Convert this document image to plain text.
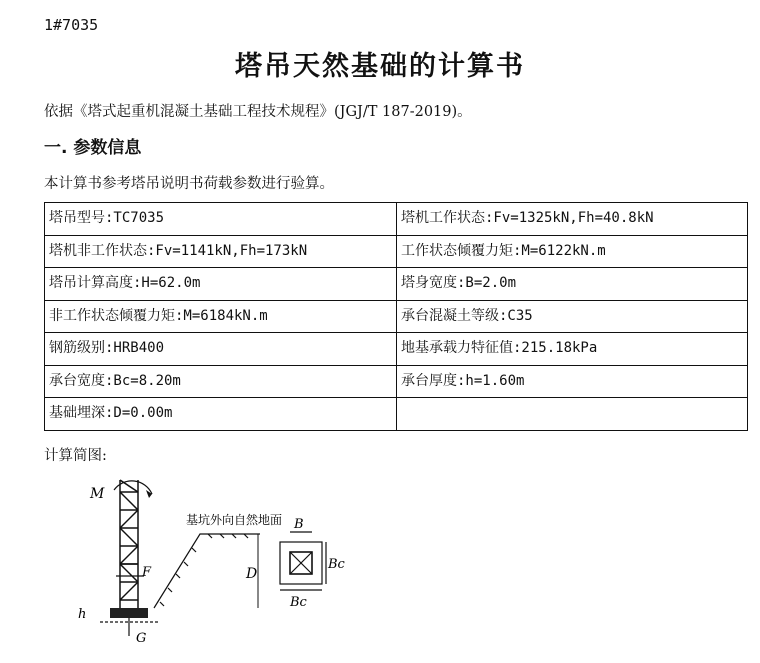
1#7035
塔吊天然基础的计算书
依据《塔式起重机混凝土基础工程技术规程》(JGJ/T 187-2019)。
一. 参数信息
本计算书参考塔吊说明书荷载参数进行验算。
塔吊型号:TC7035	塔机工作状态:Fv=1325kN,Fh=40.8kN
塔机非工作状态:Fv=1141kN,Fh=173kN	工作状态倾覆力矩:M=6122kN.m
塔吊计算高度:H=62.0m	塔身宽度:B=2.0m
非工作状态倾覆力矩:M=6184kN.m	承台混凝土等级:C35
钢筋级别:HRB400	地基承载力特征值:215.18kPa
承台宽度:Bc=8.20m	承台厚度:h=1.60m
基础埋深:D=0.00m	
计算简图:
M
F
h
G
基坑外向自然地面
D
B
Bc
Bc
